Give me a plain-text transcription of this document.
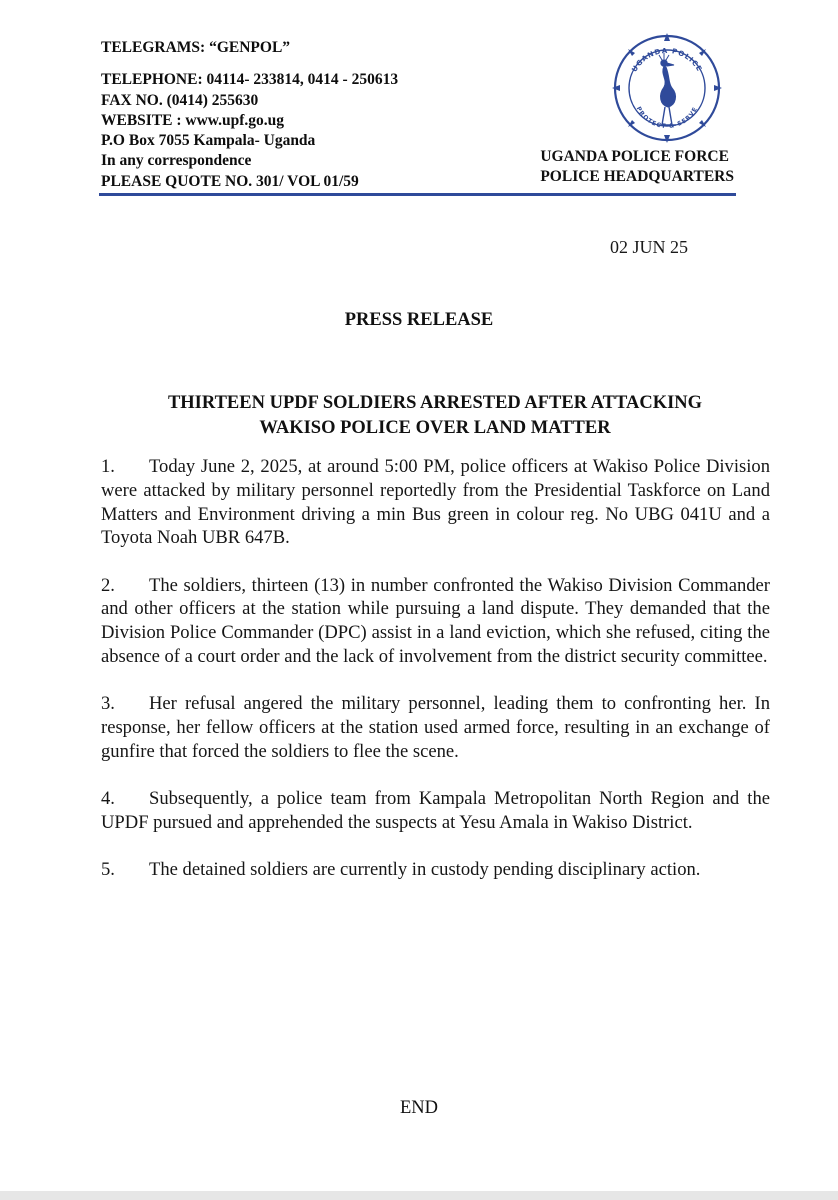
TELEGRAMS: “GENPOL”
TELEPHONE: 04114- 233814, 0414 - 250613
FAX NO. (0414) 255630
WEBSITE : www.upf.go.ug
P.O Box 7055 Kampala- Uganda
In any correspondence
PLEASE QUOTE NO. 301/ VOL 01/59
UGANDA POLICE
PROTECT & SERVE
UGANDA POLICE FORCE
POLICE HEADQUARTERS
02 JUN 25
PRESS RELEASE
THIRTEEN UPDF SOLDIERS ARRESTED AFTER ATTACKING
WAKISO POLICE OVER LAND MATTER
1. Today June 2, 2025, at around 5:00 PM, police officers at Wakiso Police Division were attacked by military personnel reportedly from the Presidential Taskforce on Land Matters and Environment driving a min Bus green in colour reg. No UBG 041U and a Toyota Noah UBR 647B.
2. The soldiers, thirteen (13) in number confronted the Wakiso Division Commander and other officers at the station while pursuing a land dispute. They demanded that the Division Police Commander (DPC) assist in a land eviction, which she refused, citing the absence of a court order and the lack of involvement from the district security committee.
3. Her refusal angered the military personnel, leading them to confronting her. In response, her fellow officers at the station used armed force, resulting in an exchange of gunfire that forced the soldiers to flee the scene.
4. Subsequently, a police team from Kampala Metropolitan North Region and the UPDF pursued and apprehended the suspects at Yesu Amala in Wakiso District.
5. The detained soldiers are currently in custody pending disciplinary action.
END
